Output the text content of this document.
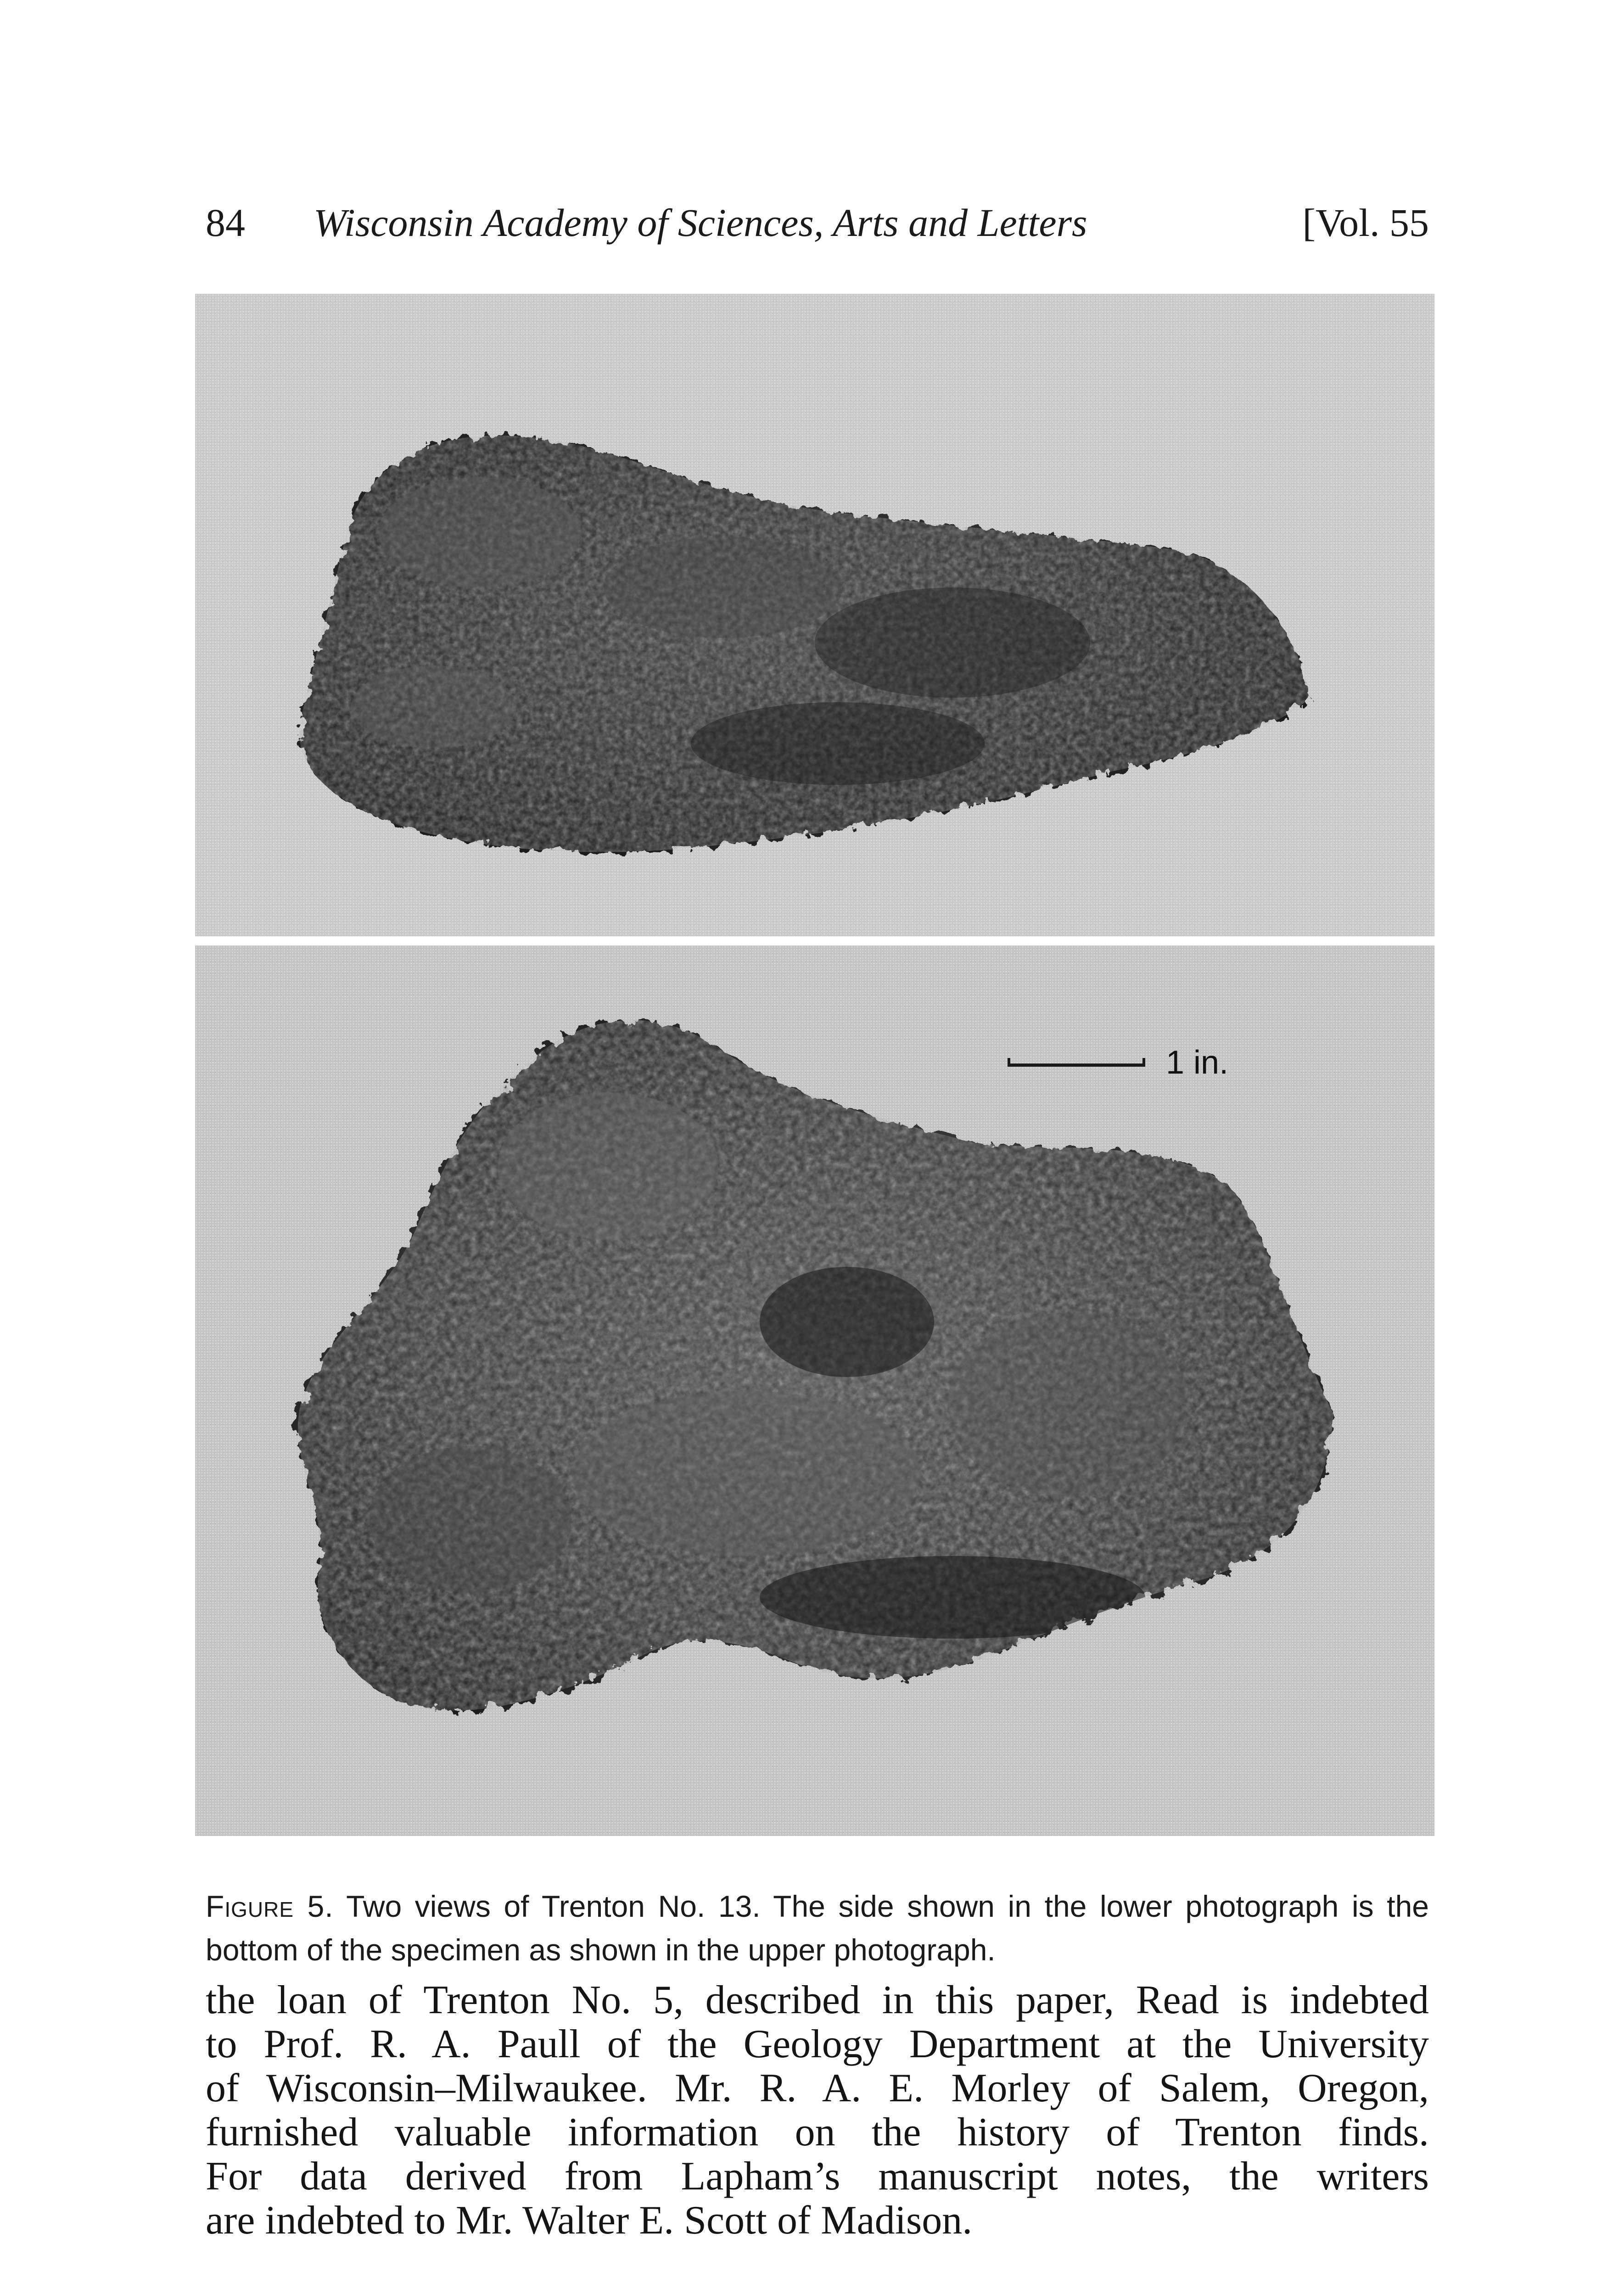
84 Wisconsin Academy of Sciences, Arts and Letters	[Vol. 55
1 in.

Figure 5. Two views of Trenton No. 13. The side shown in the lower photograph is the bottom of the specimen as shown in the upper photograph.

the loan of Trenton No. 5, described in this paper, Read is indebted
to Prof. R. A. Paull of the Geology Department at the University
of Wisconsin–Milwaukee. Mr. R. A. E. Morley of Salem, Oregon,
furnished valuable information on the history of Trenton finds.
For data derived from Lapham’s manuscript notes, the writers
are indebted to Mr. Walter E. Scott of Madison.
